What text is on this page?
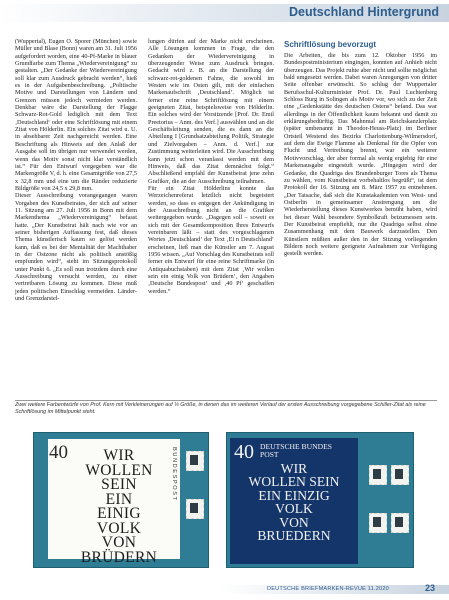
Deutschland Hintergrund

(Wuppertal), Eugen O. Sporer (München) sowie Müller und Blase (Bonn) waren am 31. Juli 1956 aufgefordert worden, eine 40-Pf-Marke in blauer Grundfarbe zum Thema „Wiedervereinigung“ zu gestalten. „Der Gedanke der Wiedervereinigung soll klar zum Ausdruck gebracht werden“, hieß es in der Aufgabenbeschreibung. „Politische Motive und Darstellungen von Ländern und Grenzen müssen jedoch vermieden werden. Denkbar wäre die Darstellung der Flagge Schwarz-Rot-Gold lediglich mit dem Text ‚Deutschland‘ oder eine Schriftlösung mit einem Zitat von Hölderlin. Ein solches Zitat wird u. U. in absehbarer Zeit nachgereicht werden. Eine Beschriftung als Hinweis auf den Anlaß der Ausgabe soll im übrigen nur verwendet werden, wenn das Motiv sonst nicht klar verständlich ist.“ Für den Entwurf vorgegeben war die Markengröße V, d. h. eine Gesamtgröße von 27,5 x 32,8 mm und eine um die Ränder reduzierte Bildgröße von 24,5 x 29,8 mm.

Dieser Ausschreibung vorangegangen waren Vorgaben des Kunstbeirates, der sich auf seiner 11. Sitzung am 27. Juli 1956 in Bonn mit dem Markenthema „Wiedervereinigung“ befasst hatte. „Der Kunstbeirat hält nach wie vor an seiner bisherigen Auffassung fest, daß dieses Thema künstlerisch kaum so gelöst werden kann, daß es bei der Mentalität der Machthaber in der Ostzone nicht als politisch anstößig empfunden wird“, steht im Sitzungsprotokoll unter Punkt 6. „Es soll nun trotzdem durch eine Ausschreibung versucht werden, zu einer vertretbaren Lösung zu kommen. Diese muß jeden politischen Einschlag vermeiden. Länder- und Grenzdarstel-

lungen dürfen auf der Marke nicht erscheinen. Alle Lösungen kommen in Frage, die den Gedanken der Wiedervereinigung in überzeugender Weise zum Ausdruck bringen. Gedacht wird z. B. an die Darstellung der schwarz-rot-goldenen Fahne, die sowohl im Westen wie im Osten gilt, mit der einfachen Markenaufschrift ‚Deutschland‘. Möglich ist ferner eine reine Schriftlösung mit einem geeigneten Zitat, beispielsweise von Hölderlin. Ein solches wird der Vorsitzende [Prof. Dr. Emil Preetorius – Anm. des Verf.] auswählen und an die Geschäftsleitung senden, die es dann an die Abteilung I [Grundsatzabteilung Politik, Strategie und Zielvorgaben – Anm. d. Verf.] zur Zustimmung weiterleiten wird. Die Ausschreibung kann jetzt schon veranlasst werden mit dem Hinweis, daß das Zitat demnächst folgt.“ Abschließend empfahl der Kunstbeirat jene zehn Grafiker, die an der Ausschreibung teilnahmen.

Für ein Zitat Hölderlins konnte das Werzeichenreferat letztlich nicht begeistert werden, so dass es entgegen der Ankündigung in der Ausschreibung nicht an die Grafiker weitergegeben wurde. „Dagegen soll – soweit es sich mit der Gesamtkomposition Ihres Entwurfs vereinbaren läßt – statt des vorgeschlagenen Wortes ‚Deutschland‘ der Text ‚Ei n Deutschland‘ erscheinen, ließ man die Künstler am 7. August 1956 wissen. „Auf Vorschlag des Kunstbeirats soll ferner ein Entwurf für eine reine Schriftmarke (in Antiquabuchstaben) mit dem Zitat ‚Wir wollen sein ein einig Volk von Brüdern‘, den Angaben ‚Deutsche Bundespost‘ und ‚40 Pf‘ geschaffen werden.“

Schriftlösung bevorzugt

Die Arbeiten, die bis zum 12. Oktober 1956 im Bundespostministerium eingingen, konnten auf Anhieb nicht überzeugen. Das Projekt ruhte aber nicht und sollte möglichst bald umgesetzt werden. Dabei waren Anregungen von dritter Seite offenbar erwünscht. So schlug der Wuppertaler Berufsschul-Kulturminister Prof. Dr. Paul Luchtenberg Schloss Burg in Solingen als Motiv vor, wo sich zu der Zeit eine „Gedenkstätte des deutschen Ostens“ befand. Das war allerdings in der Öffentlichkeit kaum bekannt und damit zu erklärungsbedürftig. Das Mahnmal am Reichskanzlerplatz (später umbenannt in Theodor-Heuss-Platz) im Berliner Ortsteil Westend des Bezirks Charlottenburg-Wilmersdorf, auf dem die Ewige Flamme als Denkmal für die Opfer von Flucht und Vertreibung brennt, war ein weiterer Motivvorschlag, der aber formal als wenig ergiebig für eine Markenausgabe eingestuft wurde. „Hingegen wird der Gedanke, die Quadriga des Brandenburger Tores als Thema zu wählen, vom Kunstbeirat vorbehaltlos begrüßt“, ist dem Protokoll der 16. Sitzung am 8. März 1957 zu entnehmen. „Der Tatsache, daß sich die Kunstakademien von West- und Ostberlin in gemeinsamer Anstrengung um die Wiederherstellung dieses Kunstwerkes bemüht haben, wird bei dieser Wahl besondere Symbolkraft beizumessen sein. Der Kunstbeirat empfiehlt, nur die Quadriga selbst ohne Zusammenhang mit dem Bauwerk darzustellen. Den Künstlern müßten außer den in der Sitzung vorliegenden Bildern noch weitere geeignete Aufnahmen zur Verfügung gestellt werden.

Zwei weitere Farbentwürfe von Prof. Kern mit Verkleinerungen auf ¼ Größe, in denen das im weiteren Verlauf der ersten Ausschreibung vorgegebene Schiller-Zitat als reine Schriftlösung im Mittelpunkt steht.
40	BUNDESPOST
WIR
WOLLEN
SEIN
EIN
EINIG
VOLK
VON
BRÜDERN
40 DEUTSCHE BUNDES
POST
WIR
WOLLEN SEIN
EIN EINZIG
VOLK
VON
BRUEDERN
DEUTSCHE BRIEFMARKEN-REVUE 11.2020	23
